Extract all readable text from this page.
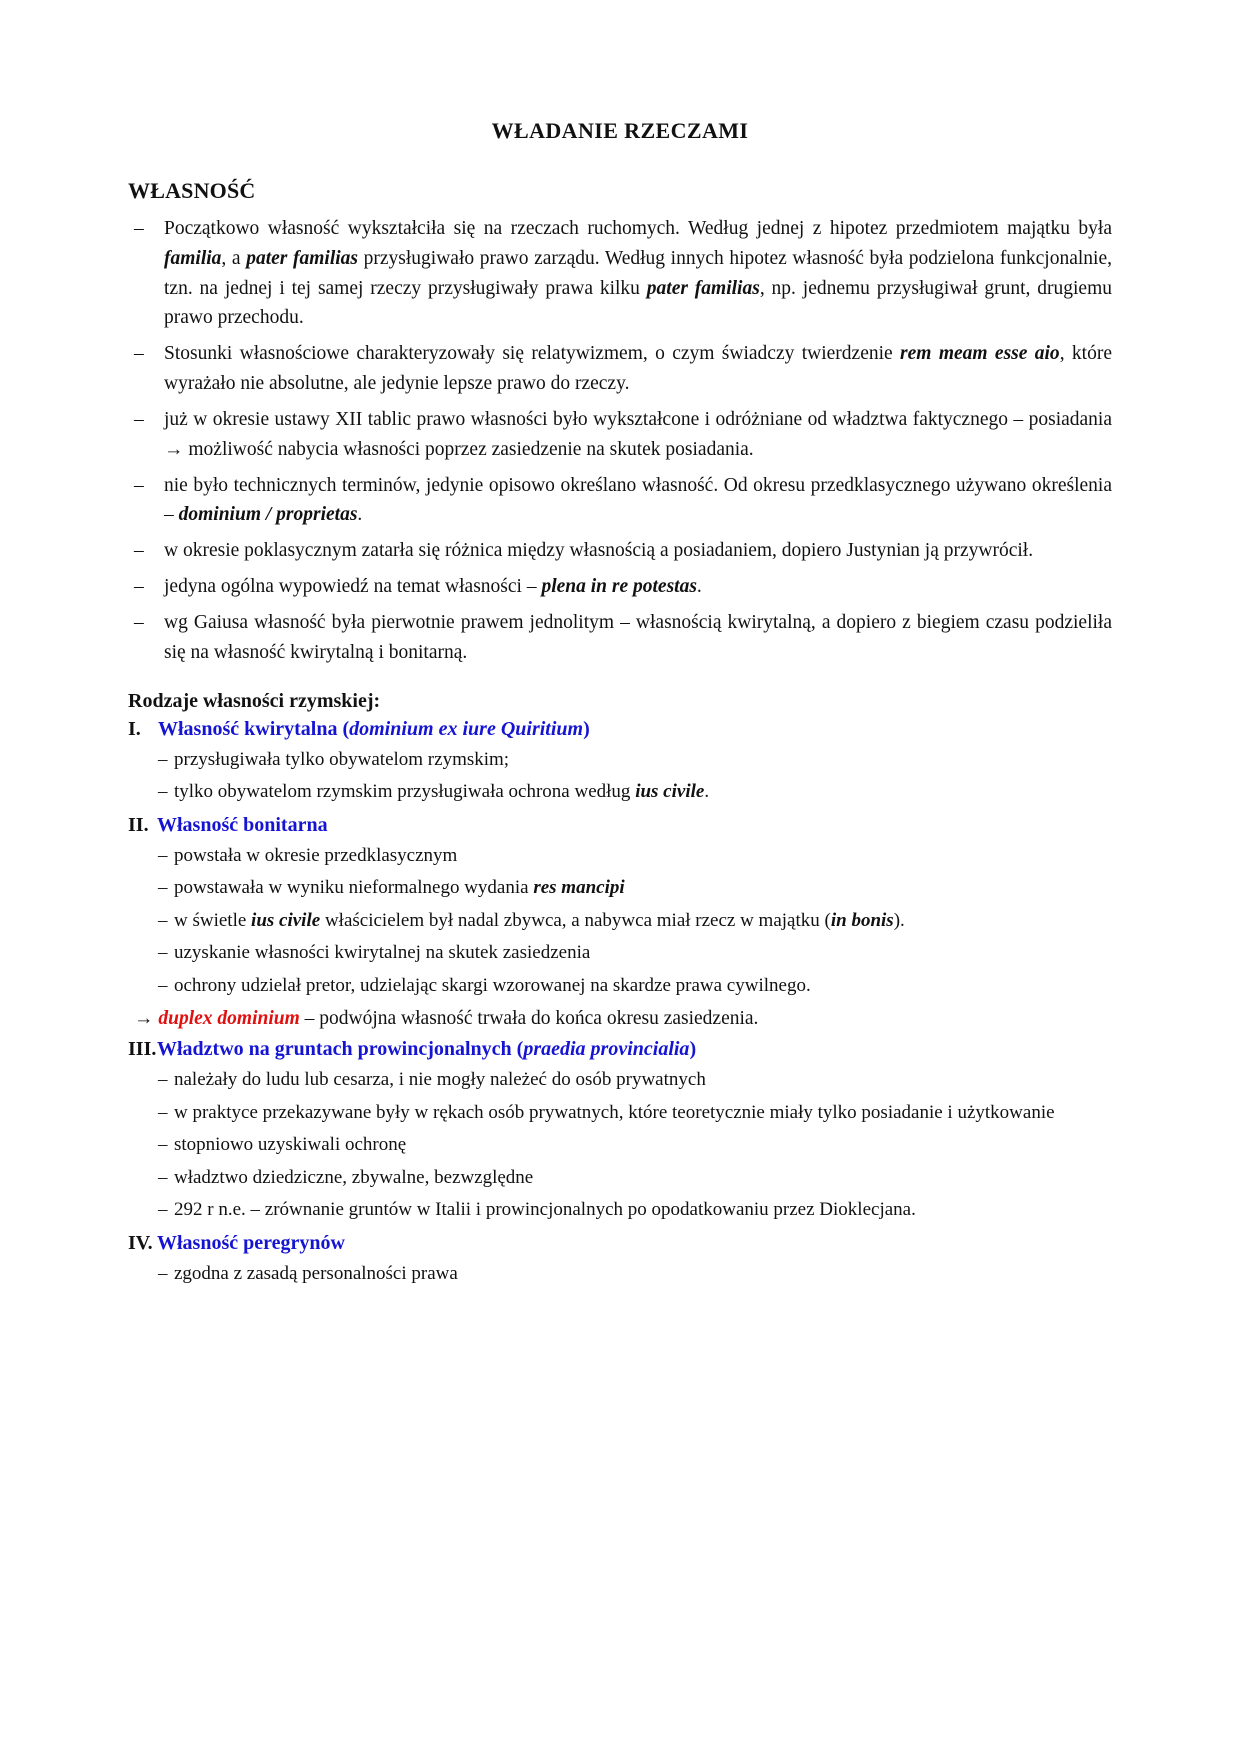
WŁADANIE RZECZAMI
WŁASNOŚĆ
– Początkowo własność wykształciła się na rzeczach ruchomych. Według jednej z hipotez przedmiotem majątku była familia, a pater familias przysługiwało prawo zarządu. Według innych hipotez własność była podzielona funkcjonalnie, tzn. na jednej i tej samej rzeczy przysługiwały prawa kilku pater familias, np. jednemu przysługiwał grunt, drugiemu prawo przechodu.
– Stosunki własnościowe charakteryzowały się relatywizmem, o czym świadczy twierdzenie rem meam esse aio, które wyrażało nie absolutne, ale jedynie lepsze prawo do rzeczy.
– już w okresie ustawy XII tablic prawo własności było wykształcone i odróżniane od władztwa faktycznego – posiadania → możliwość nabycia własności poprzez zasiedzenie na skutek posiadania.
– nie było technicznych terminów, jedynie opisowo określano własność. Od okresu przedklasycznego używano określenia – dominium / proprietas.
– w okresie poklasycznym zatarła się różnica między własnością a posiadaniem, dopiero Justynian ją przywrócił.
– jedyna ogólna wypowiedź na temat własności – plena in re potestas.
– wg Gaiusa własność była pierwotnie prawem jednolitym – własnością kwirytalną, a dopiero z biegiem czasu podzieliła się na własność kwirytalną i bonitarną.
Rodzaje własności rzymskiej:
I. Własność kwirytalna (dominium ex iure Quiritium)
– przysługiwała tylko obywatelom rzymskim;
– tylko obywatelom rzymskim przysługiwała ochrona według ius civile.
II. Własność bonitarna
– powstała w okresie przedklasycznym
– powstawała w wyniku nieformalnego wydania res mancipi
– w świetle ius civile właścicielem był nadal zbywca, a nabywca miał rzecz w majątku (in bonis).
– uzyskanie własności kwirytalnej na skutek zasiedzenia
– ochrony udzielał pretor, udzielając skargi wzorowanej na skardze prawa cywilnego.
→ duplex dominium – podwójna własność trwała do końca okresu zasiedzenia.
III. Władztwo na gruntach prowincjonalnych (praedia provincialia)
– należały do ludu lub cesarza, i nie mogły należeć do osób prywatnych
– w praktyce przekazywane były w rękach osób prywatnych, które teoretycznie miały tylko posiadanie i użytkowanie
– stopniowo uzyskiwali ochronę
– władztwo dziedziczne, zbywalne, bezwzględne
– 292 r n.e. – zrównanie gruntów w Italii i prowincjonalnych po opodatkowaniu przez Dioklecjana.
IV. Własność peregrynów
– zgodna z zasadą personalności prawa
